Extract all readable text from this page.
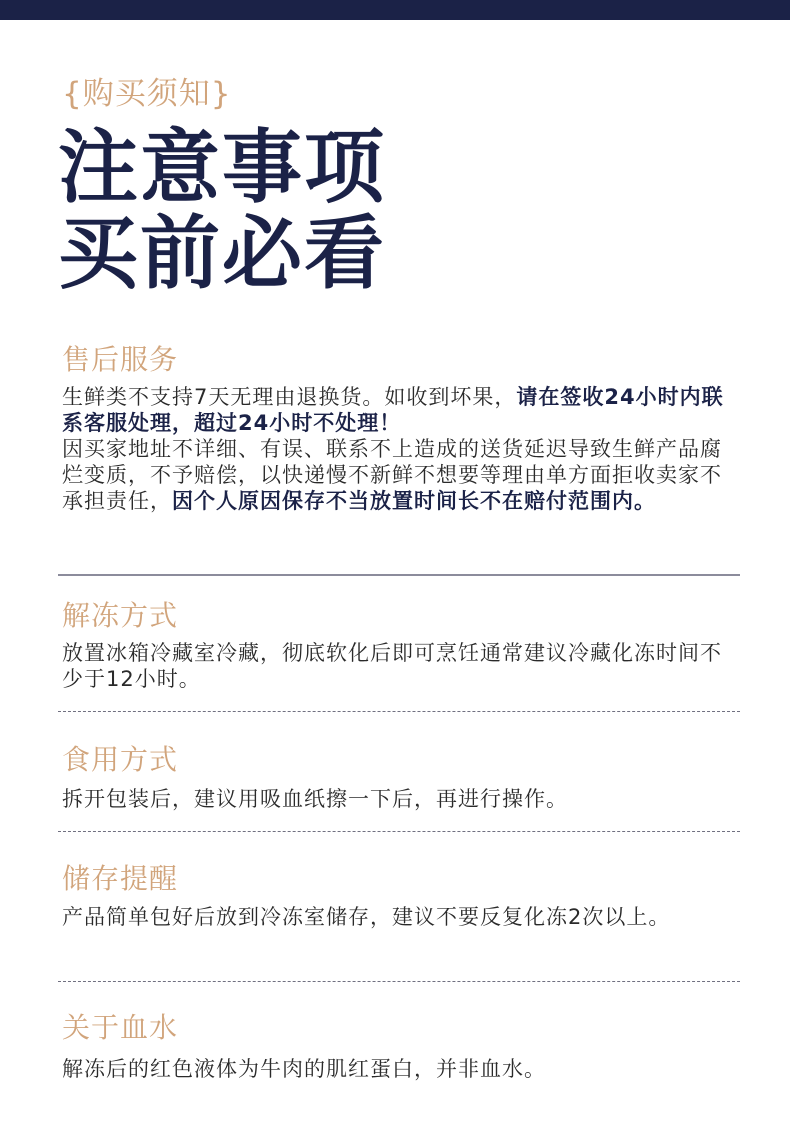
{购买须知}
注意事项
买前必看
售后服务
生鲜类不支持7天无理由退换货。如收到坏果，请在签收24小时内联系客服处理，超过24小时不处理！
因买家地址不详细、有误、联系不上造成的送货延迟导致生鲜产品腐烂变质，不予赔偿，以快递慢不新鲜不想要等理由单方面拒收卖家不承担责任，因个人原因保存不当放置时间长不在赔付范围内。
解冻方式
放置冰箱冷藏室冷藏，彻底软化后即可烹饪通常建议冷藏化冻时间不少于12小时。
食用方式
拆开包装后，建议用吸血纸擦一下后，再进行操作。
储存提醒
产品简单包好后放到冷冻室储存，建议不要反复化冻2次以上。
关于血水
解冻后的红色液体为牛肉的肌红蛋白，并非血水。
